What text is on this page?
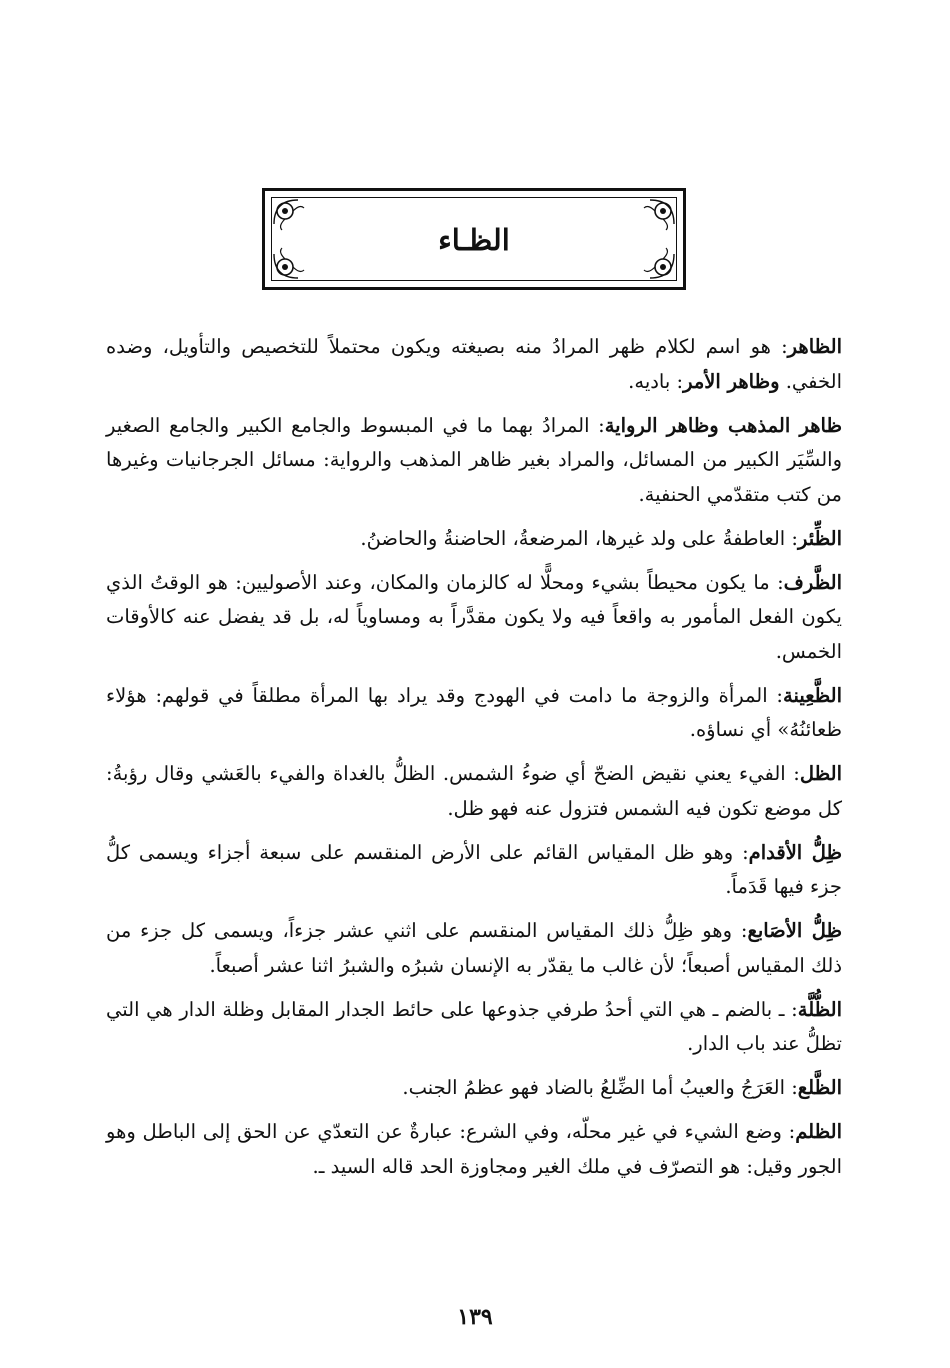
الظـاء

الظاهر: هو اسم لكلام ظهر المرادُ منه بصيغته ويكون محتملاً للتخصيص والتأويل، وضده الخفي. وظاهر الأمر: باديه.

ظاهر المذهب وظاهر الرواية: المرادُ بهما ما في المبسوط والجامع الكبير والجامع الصغير والسِّيَر الكبير من المسائل، والمراد بغير ظاهر المذهب والرواية: مسائل الجرجانيات وغيرها من كتب متقدّمي الحنفية.

الظِّئر: العاطفةُ على ولد غيرها، المرضعةُ، الحاضنةُ والحاضنُ.

الظَّرف: ما يكون محيطاً بشيء ومحلًّا له كالزمان والمكان، وعند الأصوليين: هو الوقتُ الذي يكون الفعل المأمور به واقعاً فيه ولا يكون مقدَّراً به ومساوياً له، بل قد يفضل عنه كالأوقات الخمس.

الظَّعِينة: المرأة والزوجة ما دامت في الهودج وقد يراد بها المرأة مطلقاً في قولهم: هؤلاء ظعائنُهُ» أي نساؤه.

الظل: الفيء يعني نقيض الضحّ أي ضوءُ الشمس. الظلُّ بالغداة والفيء بالعَشي وقال رؤبةُ: كل موضع تكون فيه الشمس فتزول عنه فهو ظل.

ظِلُّ الأقدام: وهو ظل المقياس القائم على الأرض المنقسم على سبعة أجزاء ويسمى كلُّ جزء فيها قَدَماً.

ظِلُّ الأصَابع: وهو ظِلُّ ذلك المقياس المنقسم على اثني عشر جزءاً، ويسمى كل جزء من ذلك المقياس أصبعاً؛ لأن غالب ما يقدّر به الإنسان شبرُه والشبرُ اثنا عشر أصبعاً.

الظُّلَّة: ـ بالضم ـ هي التي أحدُ طرفي جذوعها على حائط الجدار المقابل وظلة الدار هي التي تظلُّ عند باب الدار.

الظَّلع: العَرَجُ والعيبُ أما الضِّلعُ بالضاد فهو عظمُ الجنب.

الظلم: وضع الشيء في غير محلّه، وفي الشرع: عبارةٌ عن التعدّي عن الحق إلى الباطل وهو الجور وقيل: هو التصرّف في ملك الغير ومجاوزة الحد قاله السيد ـ.

١٣٩
